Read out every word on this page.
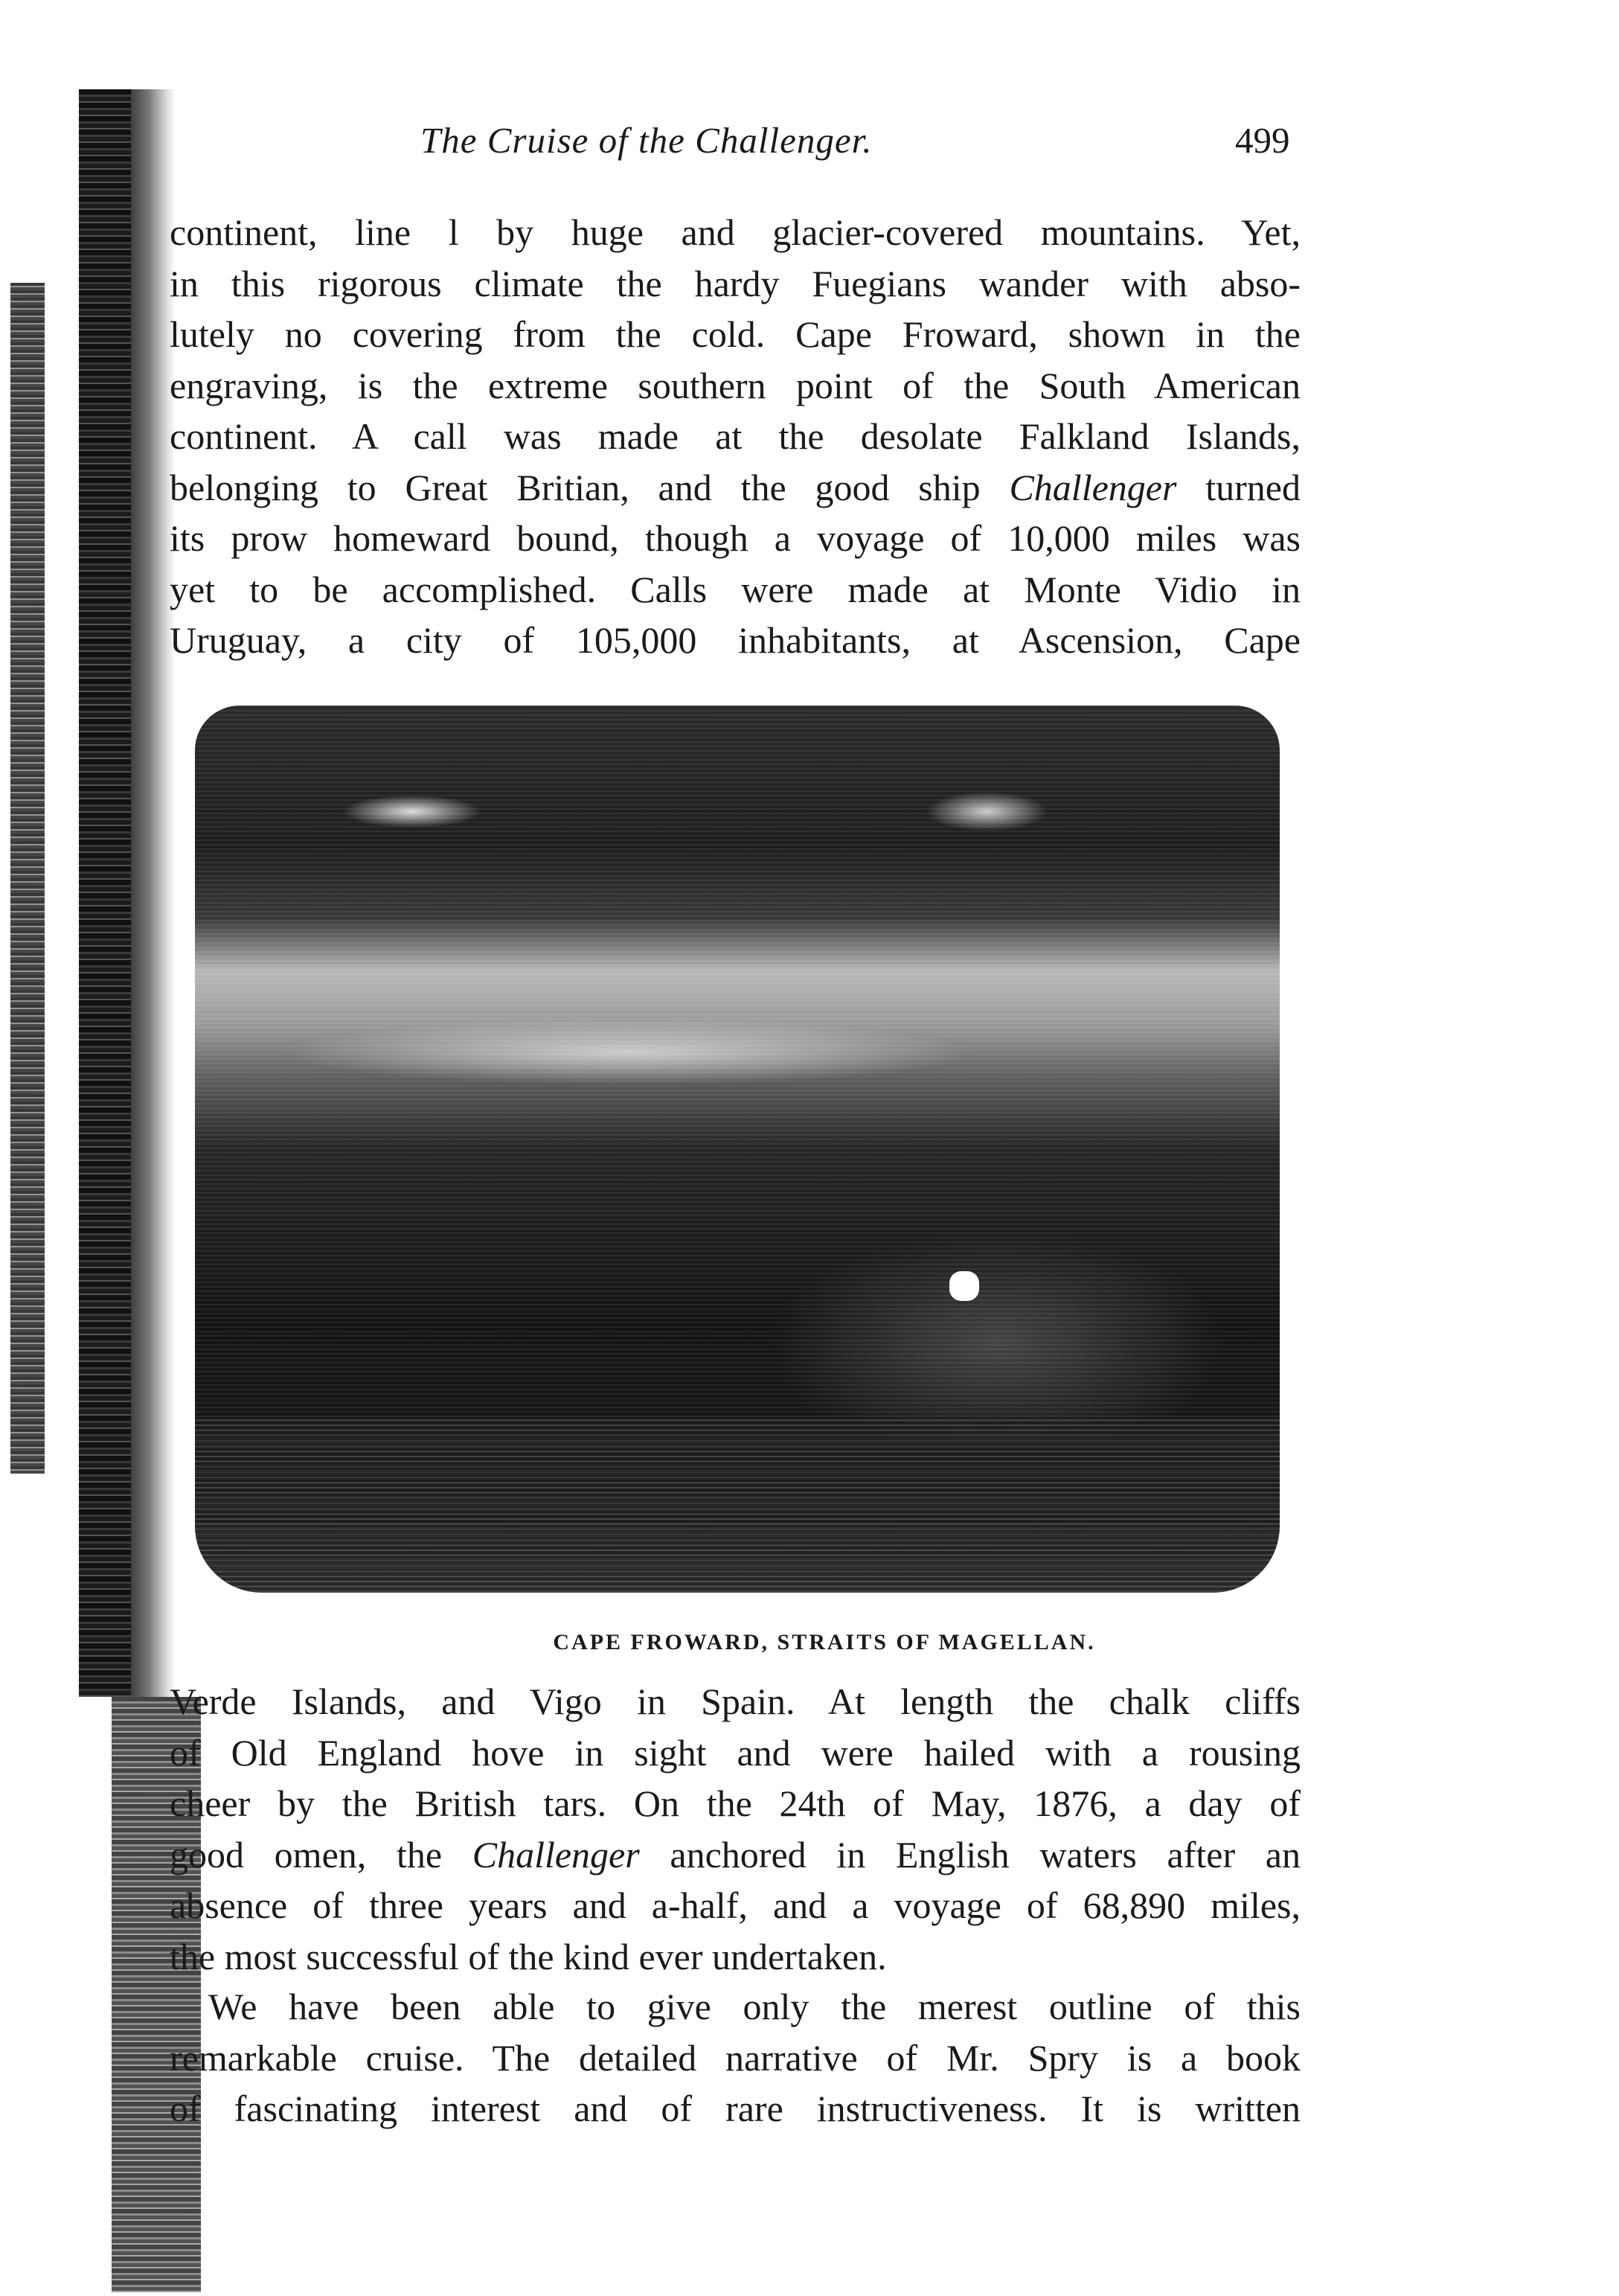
The Cruise of the Challenger.	499

continent, line l by huge and glacier-covered mountains. Yet,
in this rigorous climate the hardy Fuegians wander with abso-
lutely no covering from the cold. Cape Froward, shown in the
engraving, is the extreme southern point of the South American
continent. A call was made at the desolate Falkland Islands,
belonging to Great Britian, and the good ship Challenger turned
its prow homeward bound, though a voyage of 10,000 miles was
yet to be accomplished. Calls were made at Monte Vidio in
Uruguay, a city of 105,000 inhabitants, at Ascension, Cape

CAPE FROWARD, STRAITS OF MAGELLAN.

Verde Islands, and Vigo in Spain. At length the chalk cliffs
of Old England hove in sight and were hailed with a rousing
cheer by the British tars. On the 24th of May, 1876, a day of
good omen, the Challenger anchored in English waters after an
absence of three years and a-half, and a voyage of 68,890 miles,
the most successful of the kind ever undertaken.

We have been able to give only the merest outline of this
remarkable cruise. The detailed narrative of Mr. Spry is a book
of fascinating interest and of rare instructiveness. It is written
